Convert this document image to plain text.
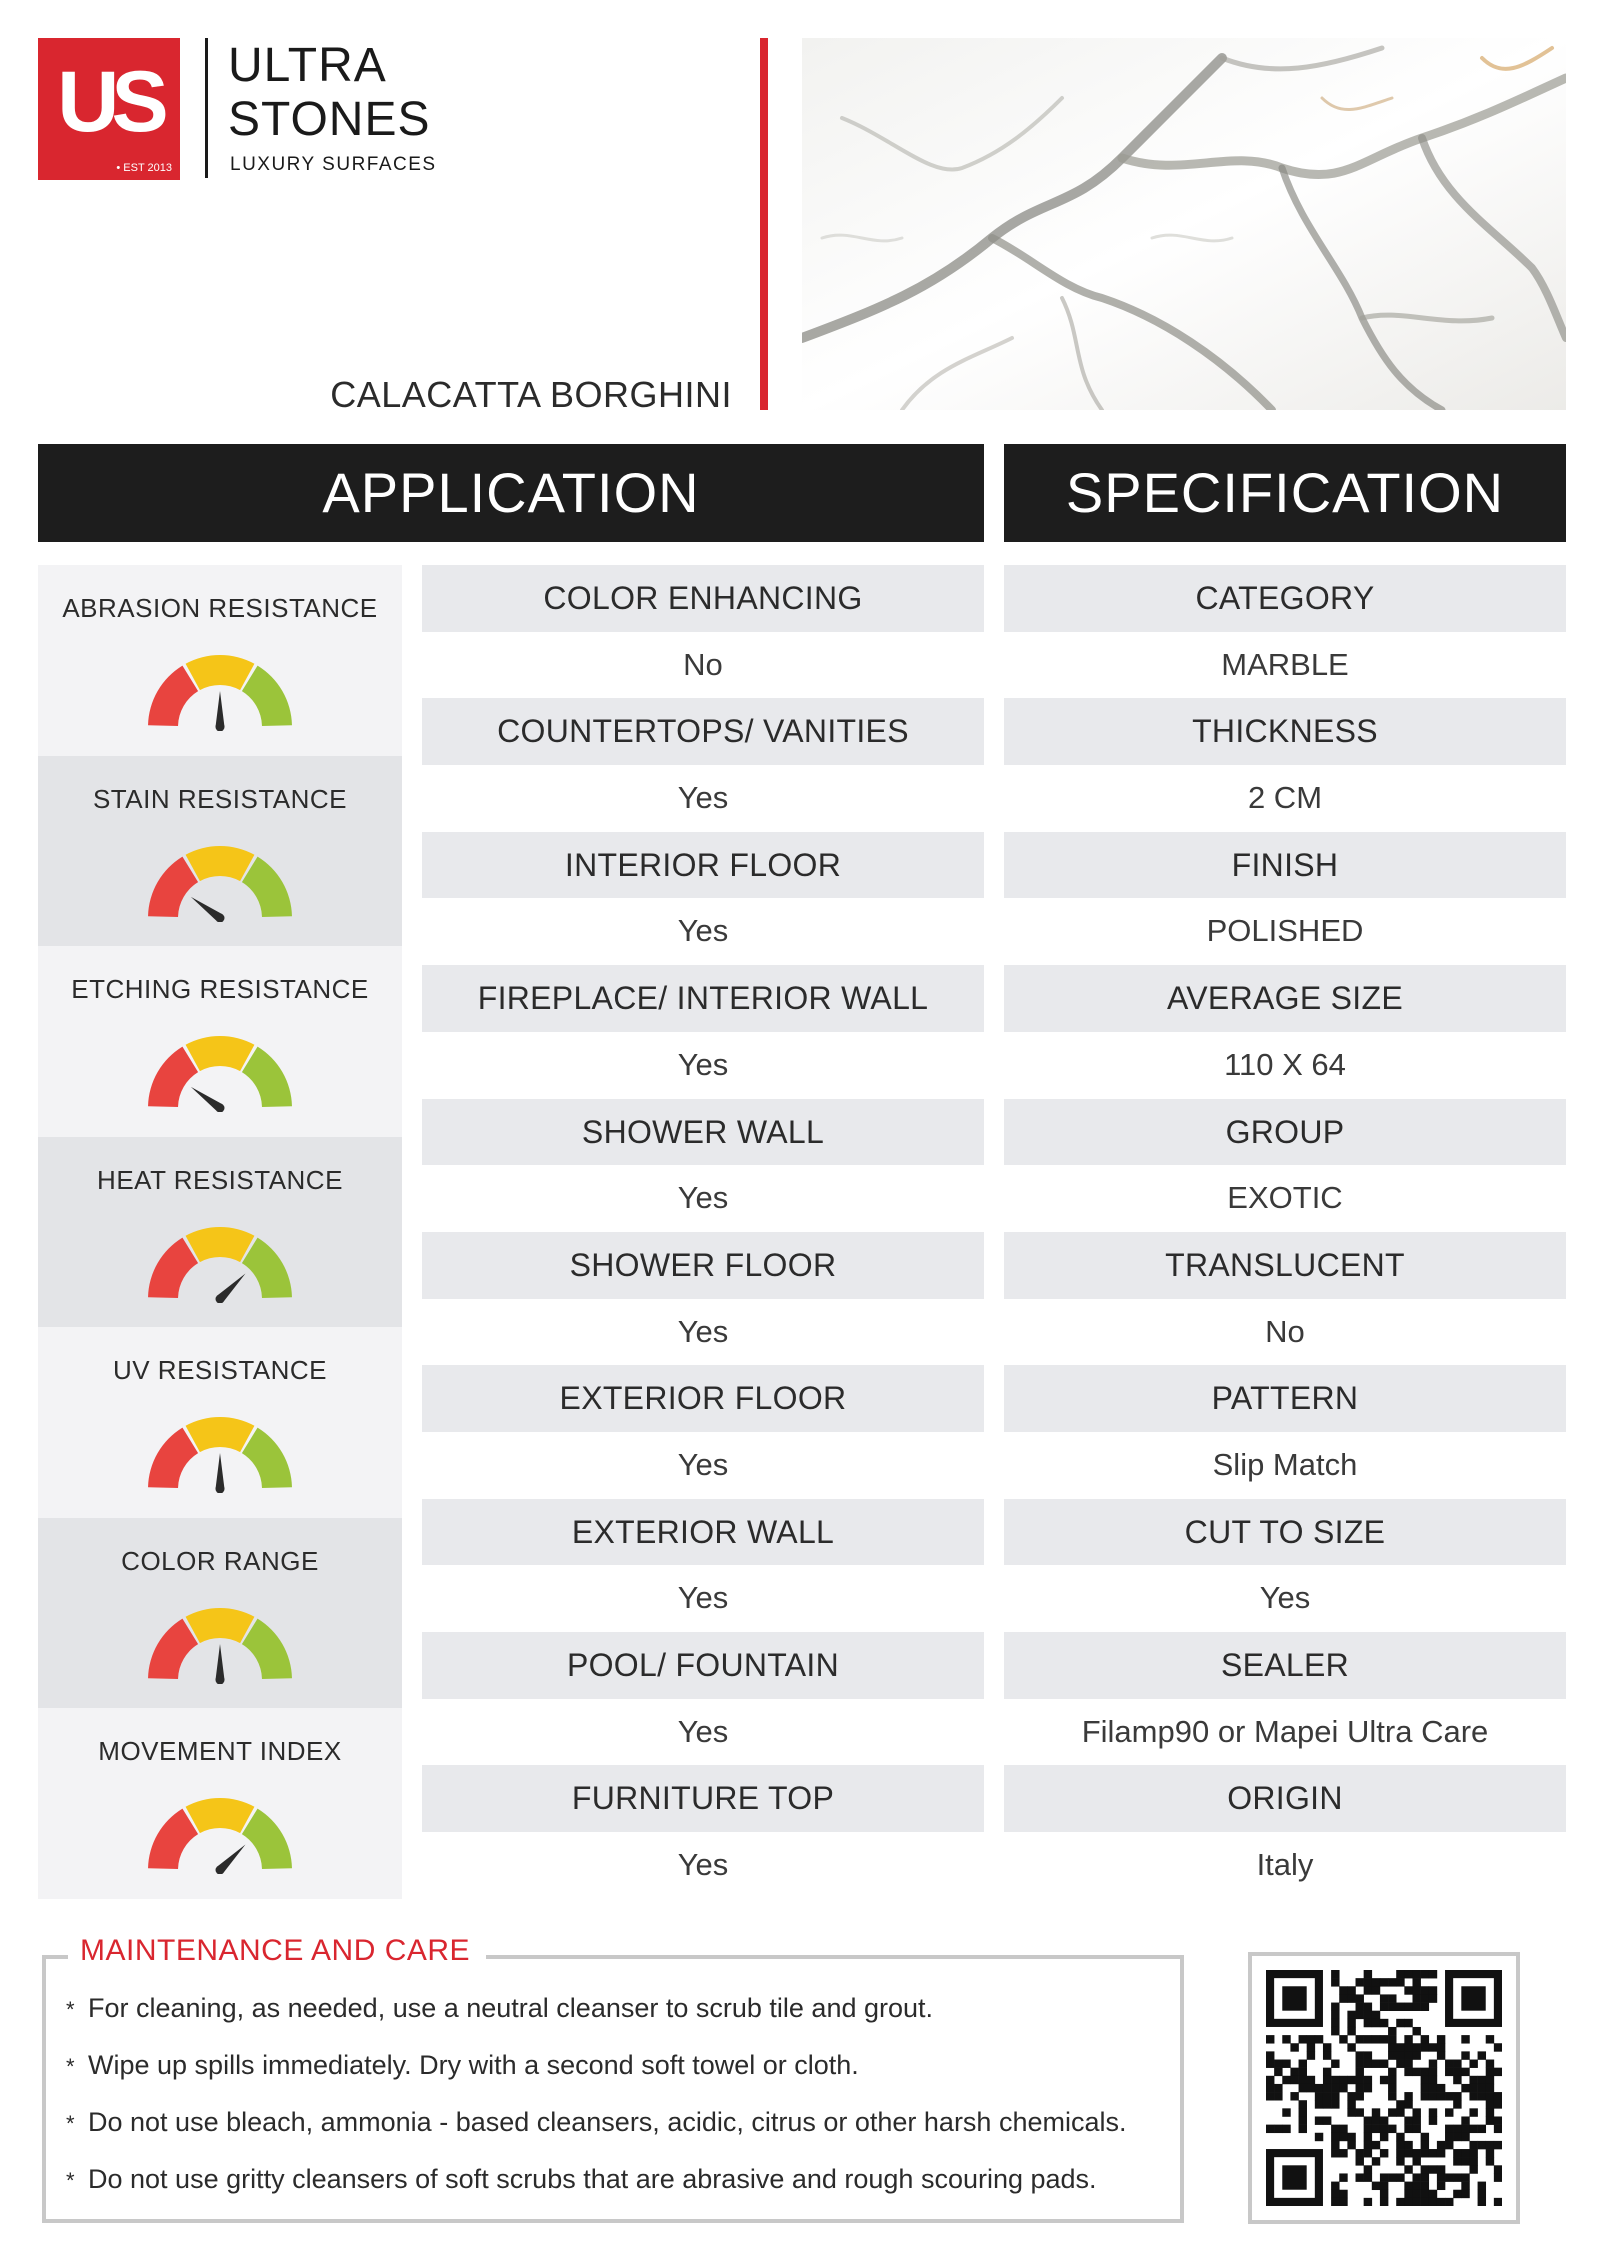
US
• EST 2013
ULTRA
STONES
LUXURY SURFACES
CALACATTA BORGHINI
APPLICATION	SPECIFICATION
ABRASION RESISTANCE
STAIN RESISTANCE
ETCHING RESISTANCE
HEAT RESISTANCE
UV RESISTANCE
COLOR RANGE
MOVEMENT INDEX
COLOR ENHANCING
No
COUNTERTOPS/ VANITIES
Yes
INTERIOR FLOOR
Yes
FIREPLACE/ INTERIOR WALL
Yes
SHOWER WALL
Yes
SHOWER FLOOR
Yes
EXTERIOR FLOOR
Yes
EXTERIOR WALL
Yes
POOL/ FOUNTAIN
Yes
FURNITURE TOP
Yes
CATEGORY
MARBLE
THICKNESS
2 CM
FINISH
POLISHED
AVERAGE SIZE
110 X 64
GROUP
EXOTIC
TRANSLUCENT
No
PATTERN
Slip Match
CUT TO SIZE
Yes
SEALER
Filamp90 or Mapei Ultra Care
ORIGIN
Italy
MAINTENANCE AND CARE
* For cleaning, as needed, use a neutral cleanser to scrub tile and grout.
* Wipe up spills immediately. Dry with a second soft towel or cloth.
* Do not use bleach, ammonia - based cleansers, acidic, citrus or other harsh chemicals.
* Do not use gritty cleansers of soft scrubs that are abrasive and rough scouring pads.
